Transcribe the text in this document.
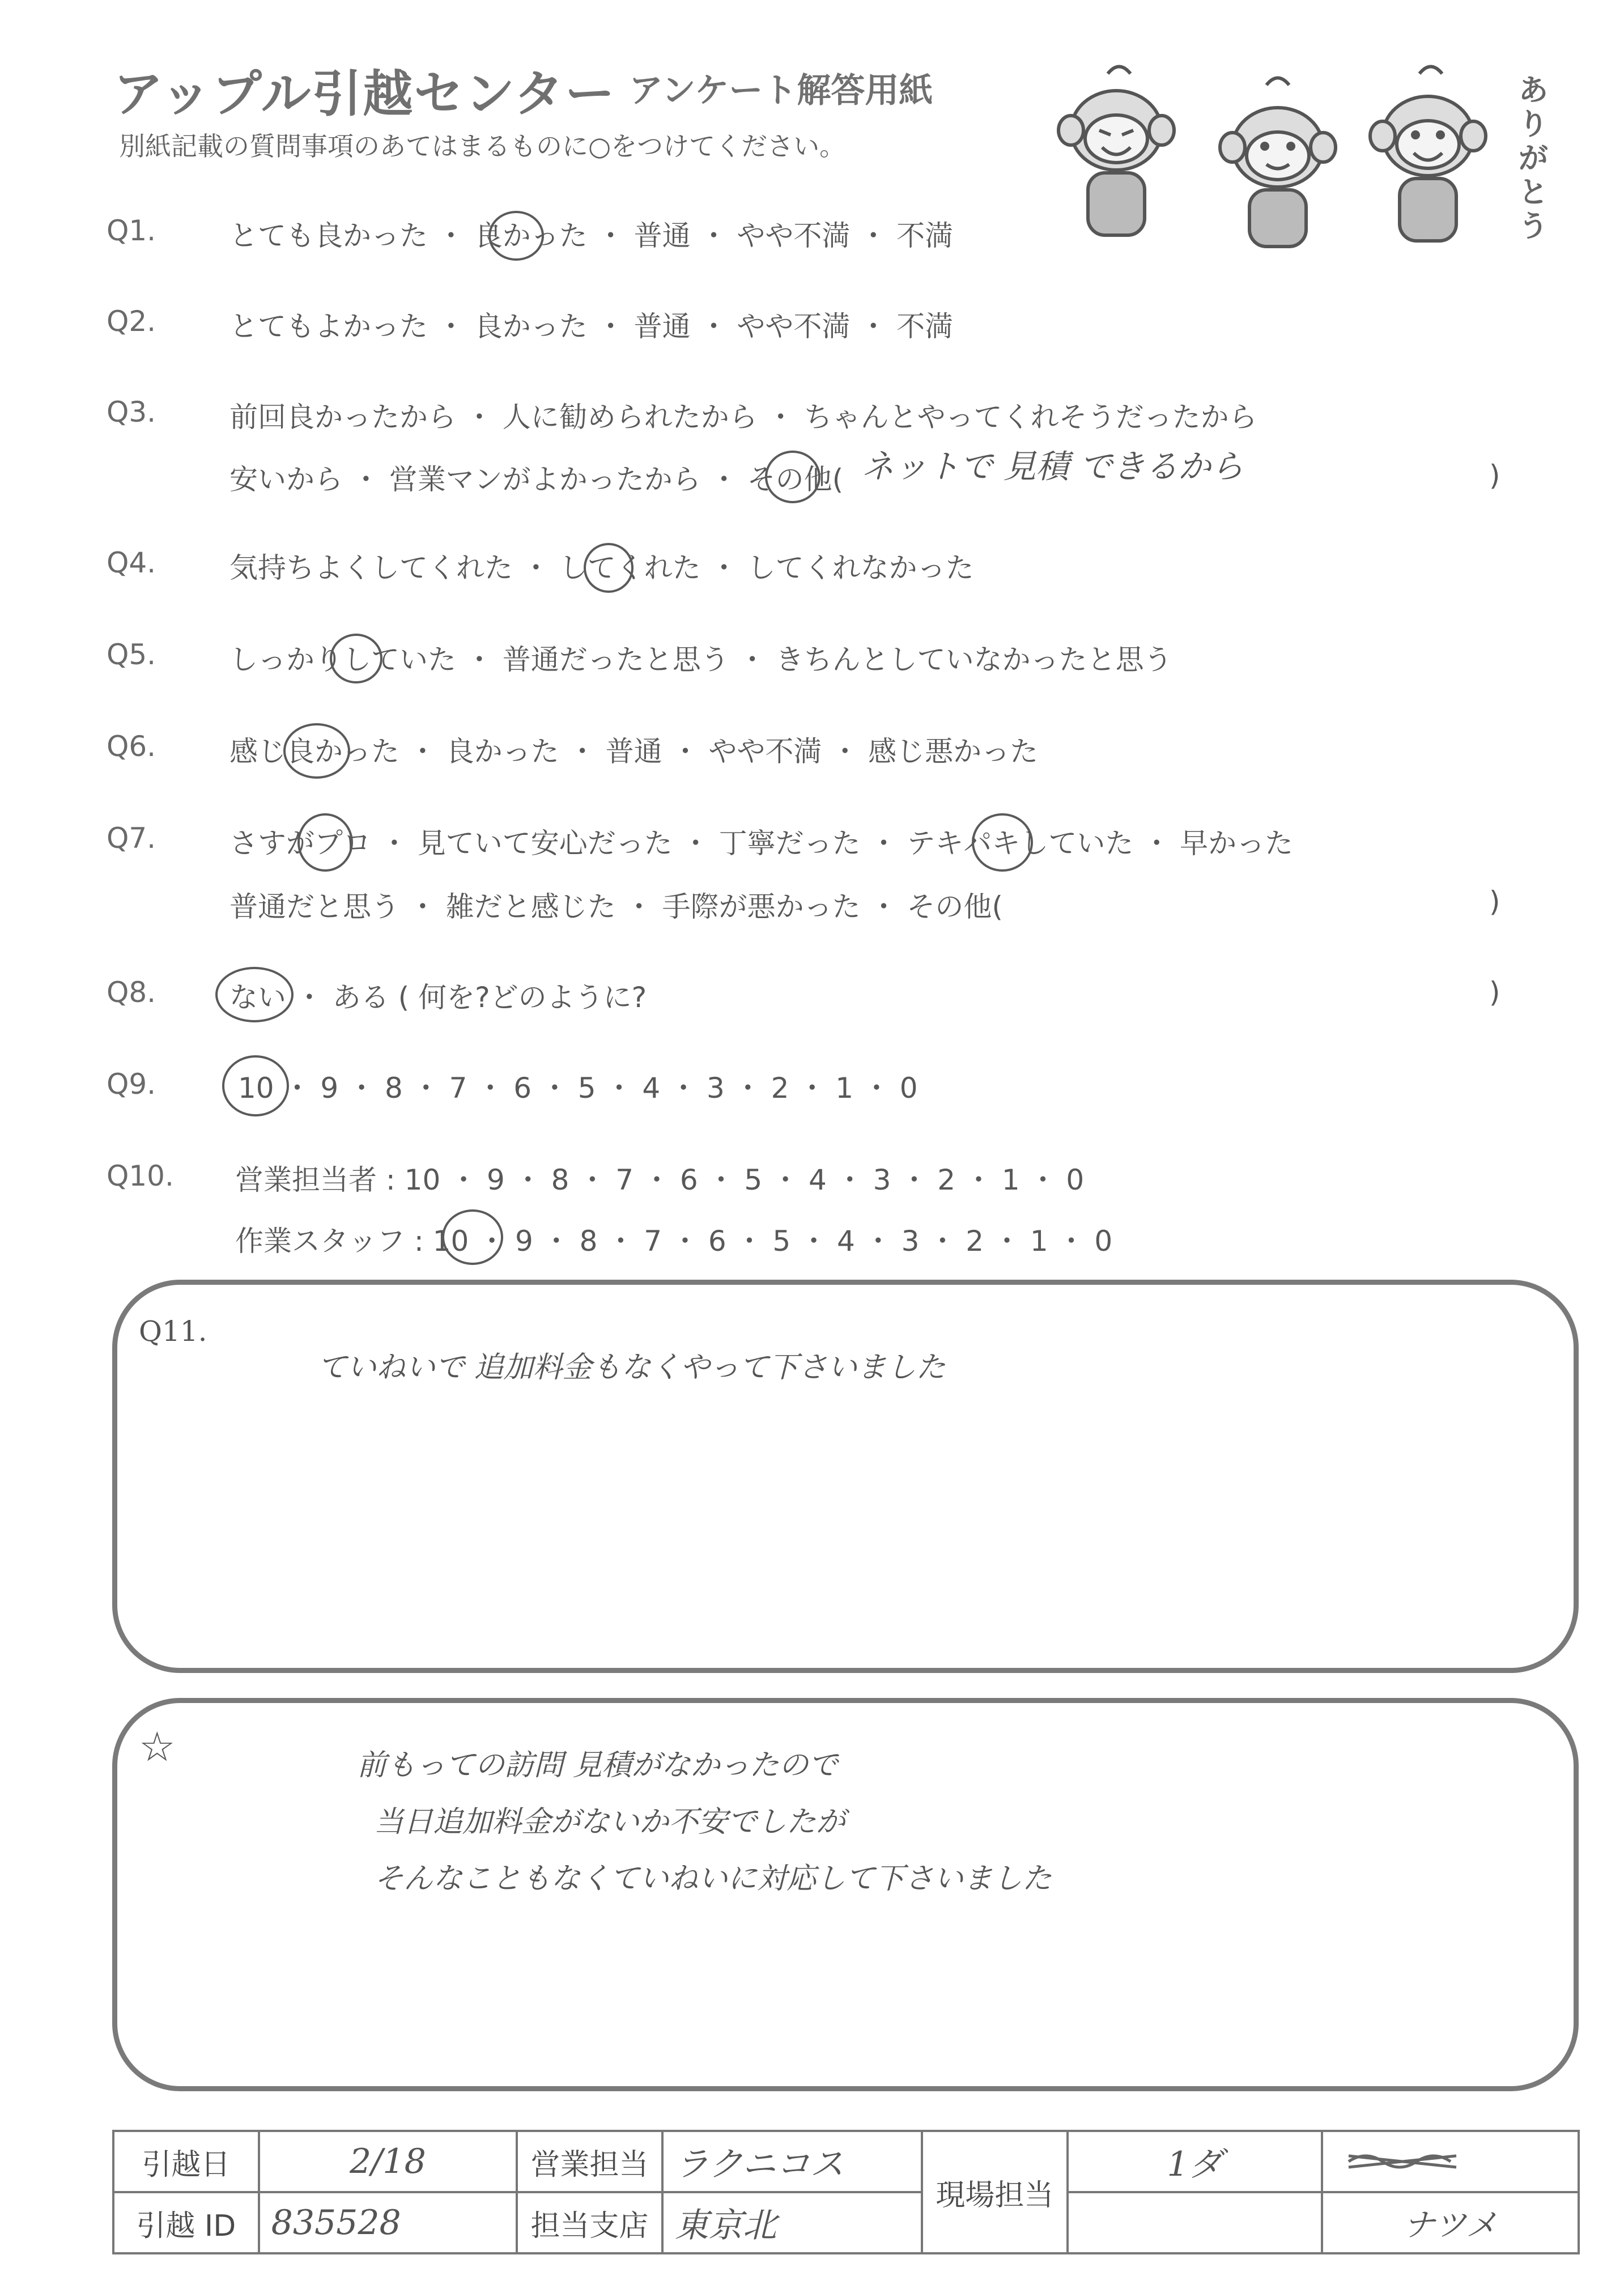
アップル引越センター アンケート解答用紙
別紙記載の質問事項のあてはまるものに○をつけてください。
ありがとう
Q1.	とても良かった ・ 良かった ・ 普通 ・ やや不満 ・ 不満
Q2.	とてもよかった ・ 良かった ・ 普通 ・ やや不満 ・ 不満
Q3.	前回良かったから ・ 人に勧められたから ・ ちゃんとやってくれそうだったから
安いから ・ 営業マンがよかったから ・ その他( ネットで 見積 できるから	)
Q4.	気持ちよくしてくれた ・ してくれた ・ してくれなかった
Q5.	しっかりしていた ・ 普通だったと思う ・ きちんとしていなかったと思う
Q6.	感じ良かった ・ 良かった ・ 普通 ・ やや不満 ・ 感じ悪かった
Q7.	さすがプロ ・ 見ていて安心だった ・ 丁寧だった ・ テキパキしていた ・ 早かった
普通だと思う ・ 雑だと感じた ・ 手際が悪かった ・ その他(	)
Q8.	ない ・ ある ( 何を?どのように?	)
Q9.	10 ・ 9 ・ 8 ・ 7 ・ 6 ・ 5 ・ 4 ・ 3 ・ 2 ・ 1 ・ 0
Q10. 営業担当者 : 10 ・ 9 ・ 8 ・ 7 ・ 6 ・ 5 ・ 4 ・ 3 ・ 2 ・ 1 ・ 0
作業スタッフ : 10 ・ 9 ・ 8 ・ 7 ・ 6 ・ 5 ・ 4 ・ 3 ・ 2 ・ 1 ・ 0
Q11.
ていねいで 追加料金もなくやって下さいました
☆	前もっての訪問 見積がなかったので
当日追加料金がないか不安でしたが
そんなこともなくていねいに対応して下さいました
引越日	2/18	営業担当	ラクニコス	現場担当	1ダ	

引越 ID	835528	担当支店	東京北			ナツメ
